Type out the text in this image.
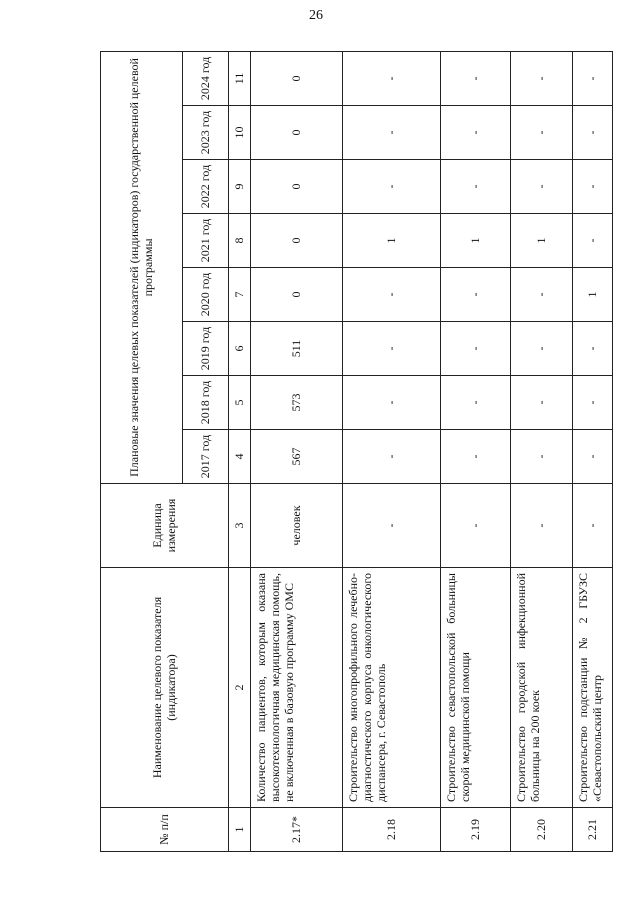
26
№ п/п	Наименование целевого показателя (индикатора)	Единица измерения	Плановые значения целевых показателей (индикаторов) государственной целевой программы							
			2017 год	2018 год	2019 год	2020 год	2021 год	2022 год	2023 год	2024 год
1	2	3	4	5	6	7	8	9	10	11
2.17*	Количество пациентов, которым оказана высокотехнологичная медицинская помощь, не включенная в базовую программу ОМС	человек	567	573	511	0	0	0	0	0
2.18	Строительство многопрофильного лечебно-диагностического корпуса онкологического диспансера, г. Севастополь	-	-	-	-	-	1	-	-	-
2.19	Строительство севастопольской больницы скорой медицинской помощи	-	-	-	-	-	1	-	-	-
2.20	Строительство городской инфекционной больницы на 200 коек	-	-	-	-	-	1	-	-	-
2.21	Строительство подстанции № 2 ГБУЗС «Севастопольский центр	-	-	-	-	1	-	-	-	-
